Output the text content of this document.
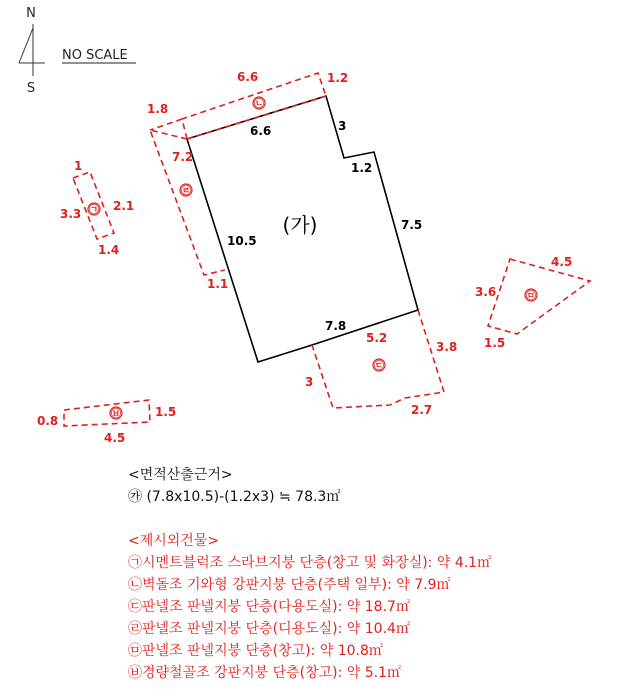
N
S
NO SCALE
(가)
6.6	3
1.2
7.5
7.8
10.5
6.6	1.2
1.8	㉡
7.2
1.1
㉣
1
2.1
3.3
1.4
㉠
5.2
3.8
3
2.7
㉢
4.5
3.6
1.5
㉤
0.8
1.5
4.5
㉥
<면적산출근거>
㉮ (7.8x10.5)-(1.2x3) ≒ 78.3㎡
<제시외건물>
㉠시멘트블럭조 스라브지붕 단층(창고 및 화장실): 약 4.1㎡
㉡벽돌조 기와형 강판지붕 단층(주택 일부): 약 7.9㎡
㉢판넬조 판넬지붕 단층(다용도실): 약 18.7㎡
㉣판넬조 판넬지붕 단층(디용도실): 약 10.4㎡
㉤판넬조 판넬지붕 단층(창고): 약 10.8㎡
㉥경량철골조 강판지붕 단층(창고): 약 5.1㎡
